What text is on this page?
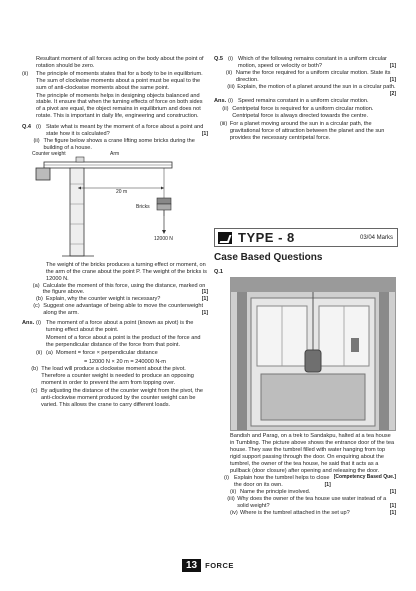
Resultant moment of all forces acting on the body about the point of rotation should be zero.

(ii)	The principle of moments states that for a body to be in equilibrium. The sum of clockwise moments about a point must be equal to the sum of anti-clockwise moments about the same point.

The principle of moments helps in designing objects balanced and stable. It ensure that when the turning effects of force on both sides of a pivot are equal, the object remains in equilibrium and does not rotate. This is important in daily life, engineering and construction.

Q.4 (i) State what is meant by the moment of a force about a point and state how it is calculated?	[1]
(ii) The figure below shows a crane lifting some bricks during the building of a house.
Counter weight	Arm
20 m
Bricks
12000 N

The weight of the bricks produces a turning effect or moment, on the arm of the crane about the point P. The weight of the bricks is 12000 N.

(a) Calculate the moment of this force, using the distance, marked on the figure above.	[1]
(b) Explain, why the counter weight is necessary?	[1]
(c) Suggest one advantage of being able to move the counterweight along the arm.	[1]
Ans. (i) The moment of a force about a point (known as pivot) is the turning effect about the point.

Moment of a force about a point is the product of the force and the perpendicular distance of the force from that point.

(ii) (a) Moment = force × perpendicular distance

= 12000 N × 20 m = 240000 N-m

(b) The load will produce a clockwise moment about the pivot. Therefore a counter weight is needed to produce an opposing moment in order to prevent the arm from topping over.
(c) By adjusting the distance of the counter weight from the pivot, the anti-clockwise moment produced by the counter weight can be varied. This allows the crane to carry different loads.
Q.5 (i) Which of the following remains constant in a uniform circular motion, speed or velocity or both?	[1]
(ii) Name the force required for a uniform circular motion. State its direction.	[1]
(iii) Explain, the motion of a planet around the sun in a circular path.
[2]
Ans. (i) Speed remains constant in a uniform circular motion.
(ii) Centripetal force is required for a uniform circular motion. Centripetal force is always directed towards the centre.
(iii) For a planet moving around the sun in a circular path, the gravitational force of attraction between the planet and the sun provides the necessary centripetal force.
TYPE - 8	03/04 Marks
Case Based Questions
Q.1

Bandish and Parag, on a trek to Sandakpu, halted at a tea house in Tumbling. The picture above shows the entrance door of the tea house. They saw the tumbrel filled with water hanging from top rigid support passing through the door. On enquiring about the tumbrel, the owner of the tea house, he said that it acts as a pullback (door closure) after opening and releasing the door.
[Competency Based Que.]

(i) Explain how the tumbrel helps to close the door on its own.	[1]
(ii) Name the principle involved.	[1]
(iii) Why does the owner of the tea house use water instead of a solid weight?	[1]
(iv) Where is the tumbrel attached in the set up?	[1]
13	FORCE
